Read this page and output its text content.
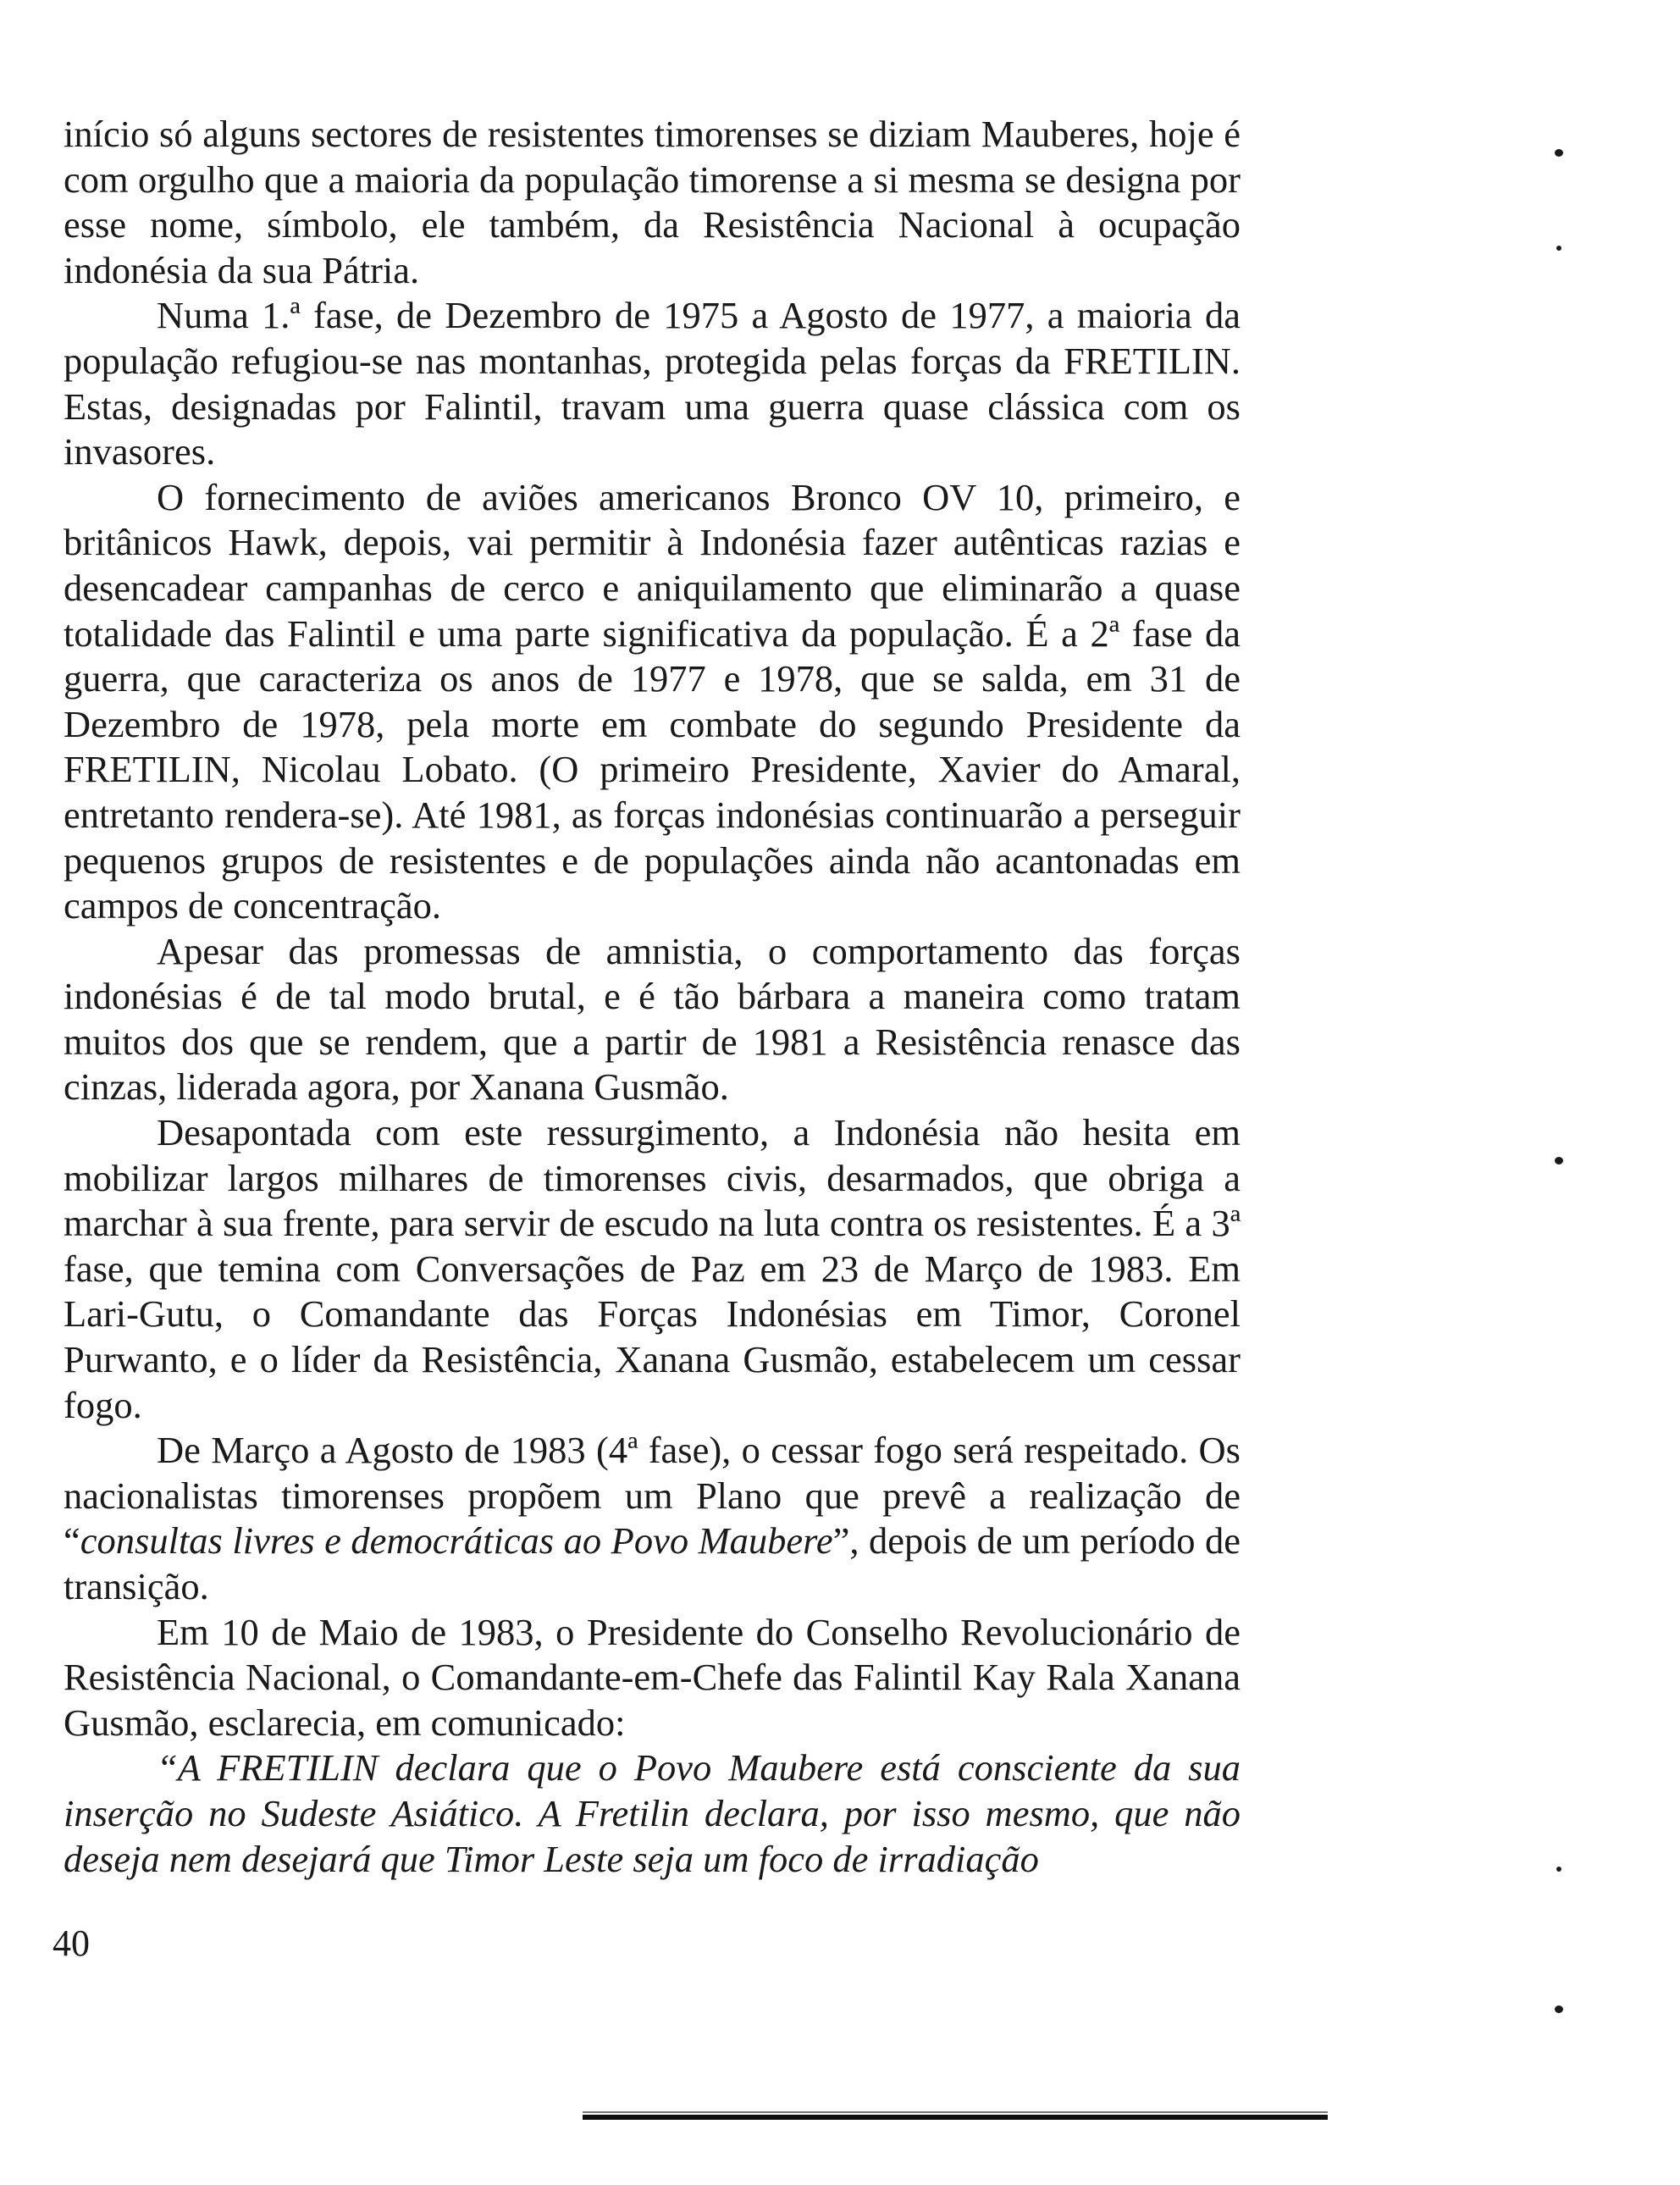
início só alguns sectores de resistentes timorenses se diziam Mauberes, hoje é com orgulho que a maioria da população timorense a si mesma se designa por esse nome, símbolo, ele também, da Resistência Nacional à ocupação indonésia da sua Pátria.

Numa 1.ª fase, de Dezembro de 1975 a Agosto de 1977, a maioria da população refugiou-se nas montanhas, protegida pelas forças da FRETILIN. Estas, designadas por Falintil, travam uma guerra quase clássica com os invasores.

O fornecimento de aviões americanos Bronco OV 10, primeiro, e britânicos Hawk, depois, vai permitir à Indonésia fazer autênticas razias e desencadear campanhas de cerco e aniquilamento que eliminarão a quase totalidade das Falintil e uma parte significativa da população. É a 2ª fase da guerra, que caracteriza os anos de 1977 e 1978, que se salda, em 31 de Dezembro de 1978, pela morte em combate do segundo Presidente da FRETILIN, Nicolau Lobato. (O primeiro Presidente, Xavier do Amaral, entretanto rendera-se). Até 1981, as forças indonésias continuarão a perseguir pequenos grupos de resistentes e de populações ainda não acantonadas em campos de concentração.

Apesar das promessas de amnistia, o comportamento das forças indonésias é de tal modo brutal, e é tão bárbara a maneira como tratam muitos dos que se rendem, que a partir de 1981 a Resistência renasce das cinzas, liderada agora, por Xanana Gusmão.

Desapontada com este ressurgimento, a Indonésia não hesita em mobilizar largos milhares de timorenses civis, desarmados, que obriga a marchar à sua frente, para servir de escudo na luta contra os resistentes. É a 3ª fase, que temina com Conversações de Paz em 23 de Março de 1983. Em Lari-Gutu, o Comandante das Forças Indonésias em Timor, Coronel Purwanto, e o líder da Resistência, Xanana Gusmão, estabelecem um cessar fogo.

De Março a Agosto de 1983 (4ª fase), o cessar fogo será respeitado. Os nacionalistas timorenses propõem um Plano que prevê a realização de “consultas livres e democráticas ao Povo Maubere”, depois de um período de transição.

Em 10 de Maio de 1983, o Presidente do Conselho Revolucionário de Resistência Nacional, o Comandante-em-Chefe das Falintil Kay Rala Xanana Gusmão, esclarecia, em comunicado:

“A FRETILIN declara que o Povo Maubere está consciente da sua inserção no Sudeste Asiático. A Fretilin declara, por isso mesmo, que não deseja nem desejará que Timor Leste seja um foco de irradiação

40
